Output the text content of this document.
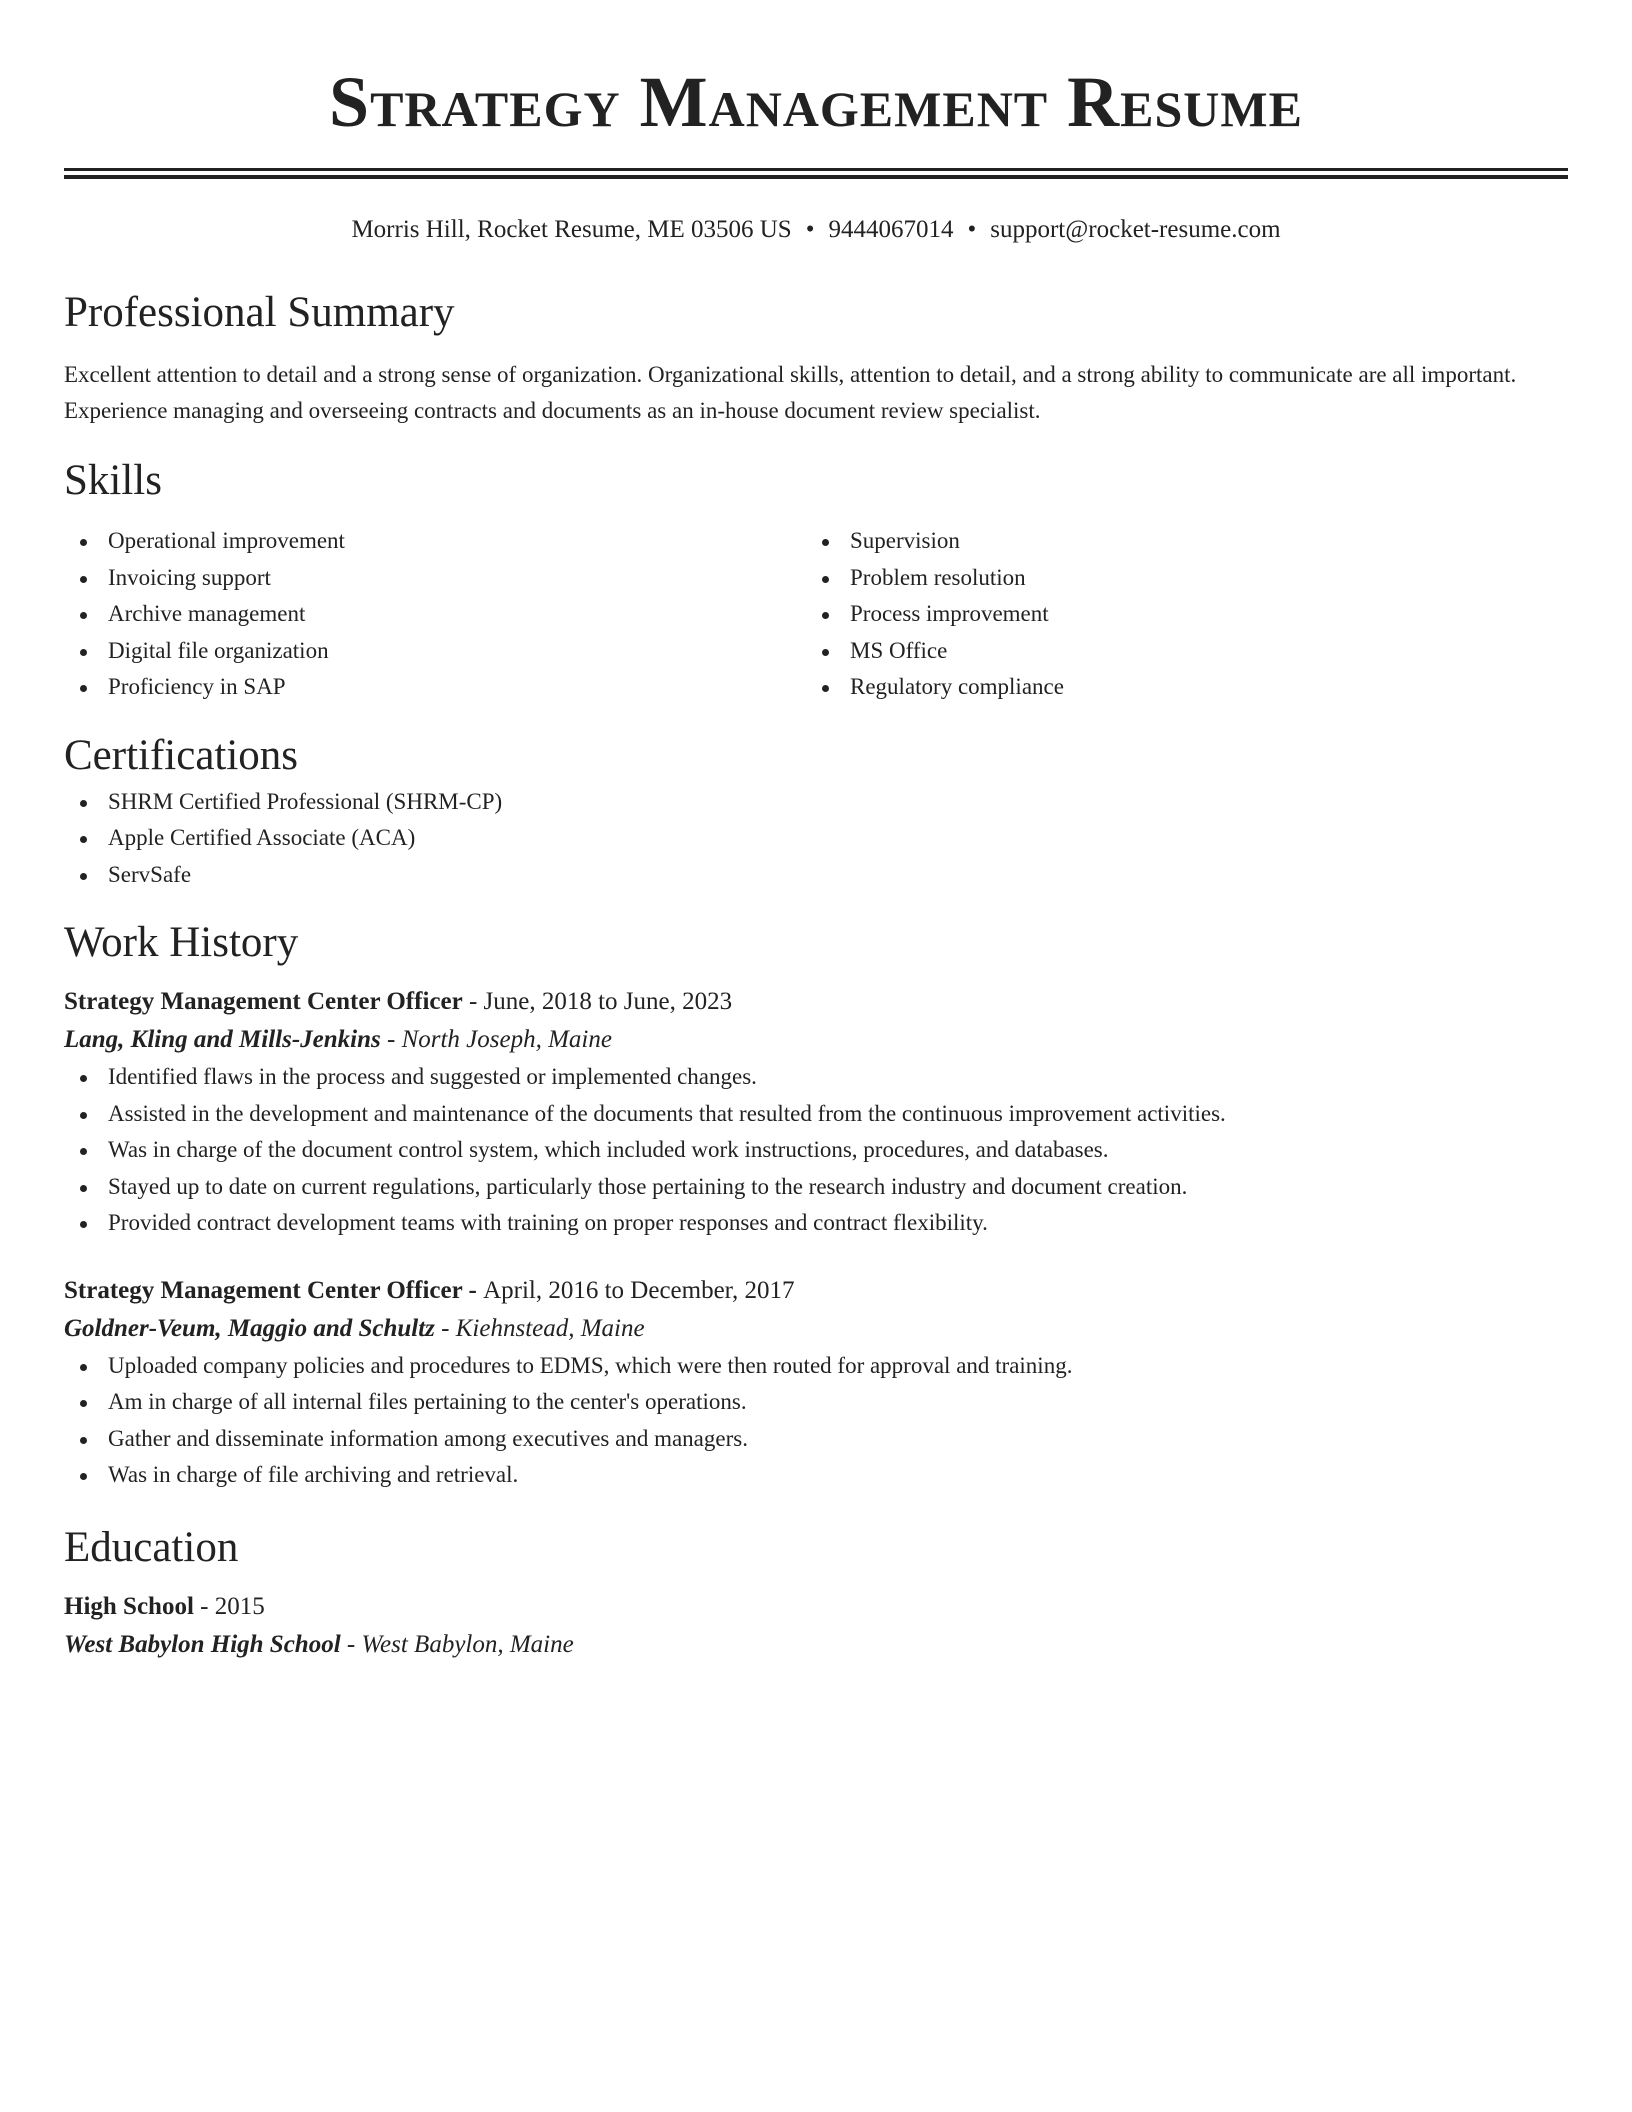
Strategy Management Resume
Morris Hill, Rocket Resume, ME 03506 US • 9444067014 • support@rocket-resume.com
Professional Summary

Excellent attention to detail and a strong sense of organization. Organizational skills, attention to detail, and a strong ability to communicate are all important. Experience managing and overseeing contracts and documents as an in-house document review specialist.

Skills
Operational improvement
Invoicing support
Archive management
Digital file organization
Proficiency in SAP
Supervision
Problem resolution
Process improvement
MS Office
Regulatory compliance
Certifications
SHRM Certified Professional (SHRM-CP)
Apple Certified Associate (ACA)
ServSafe
Work History
Strategy Management Center Officer - June, 2018 to June, 2023
Lang, Kling and Mills-Jenkins - North Joseph, Maine
Identified flaws in the process and suggested or implemented changes.
Assisted in the development and maintenance of the documents that resulted from the continuous improvement activities.
Was in charge of the document control system, which included work instructions, procedures, and databases.
Stayed up to date on current regulations, particularly those pertaining to the research industry and document creation.
Provided contract development teams with training on proper responses and contract flexibility.
Strategy Management Center Officer - April, 2016 to December, 2017
Goldner-Veum, Maggio and Schultz - Kiehnstead, Maine
Uploaded company policies and procedures to EDMS, which were then routed for approval and training.
Am in charge of all internal files pertaining to the center's operations.
Gather and disseminate information among executives and managers.
Was in charge of file archiving and retrieval.
Education
High School - 2015
West Babylon High School - West Babylon, Maine
